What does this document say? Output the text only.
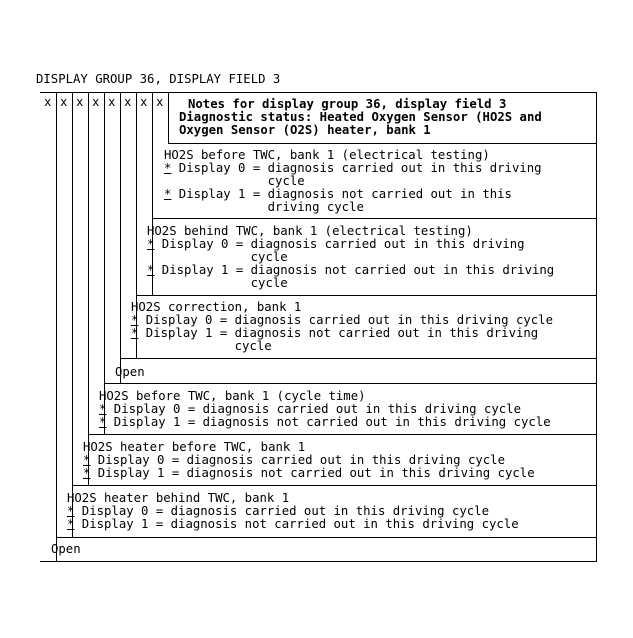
DISPLAY GROUP 36, DISPLAY FIELD 3
x x x x x x x x Notes for display group 36, display field 3
Diagnostic status: Heated Oxygen Sensor (HO2S and
Oxygen Sensor (O2S) heater, bank 1
HO2S before TWC, bank 1 (electrical testing)
* Display 0 = diagnosis carried out in this driving
cycle
* Display 1 = diagnosis not carried out in this
driving cycle
HO2S behind TWC, bank 1 (electrical testing)
* Display 0 = diagnosis carried out in this driving
cycle
* Display 1 = diagnosis not carried out in this driving
cycle
HO2S correction, bank 1
* Display 0 = diagnosis carried out in this driving cycle
* Display 1 = diagnosis not carried out in this driving
cycle
Open
HO2S before TWC, bank 1 (cycle time)
* Display 0 = diagnosis carried out in this driving cycle
* Display 1 = diagnosis not carried out in this driving cycle
HO2S heater before TWC, bank 1
* Display 0 = diagnosis carried out in this driving cycle
* Display 1 = diagnosis not carried out in this driving cycle
HO2S heater behind TWC, bank 1
* Display 0 = diagnosis carried out in this driving cycle
* Display 1 = diagnosis not carried out in this driving cycle
Open
